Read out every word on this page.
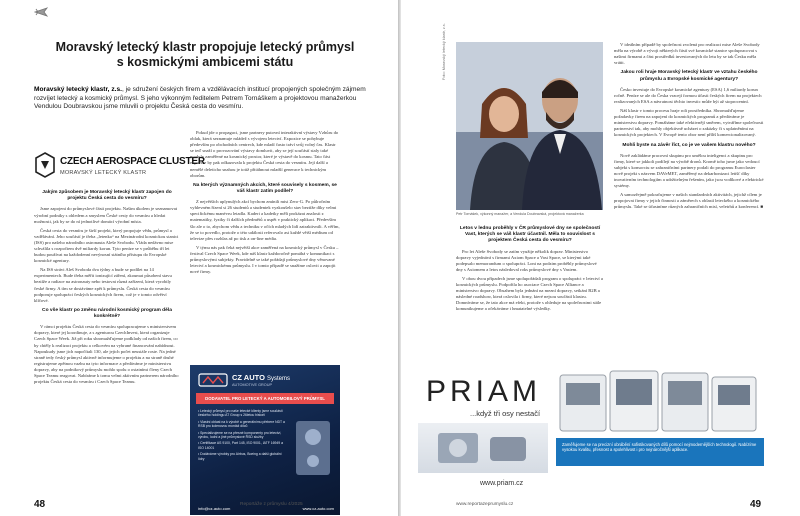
Moravský letecký klastr propojuje letecký průmysl s kosmickými ambicemi státu
Moravský letecký klastr, z.s., je sdružení českých firem a vzdělávacích institucí propojených společným zájmem rozvíjet letecký a kosmický průmysl. S jeho výkonným ředitelem Petrem Tornáškem a projektovou manažerkou Vendulou Doubravskou jsme mluvili o projektu Česká cesta do vesmíru.
CZECH AEROSPACE CLUSTER
MORAVSKÝ LETECKÝ KLASTR

Jakým způsobem je Moravský letecký klastr zapojen do projektu Česká cesta do vesmíru?

Jsme zapojeni do průmyslové části projektu. Našim úkolem je seznamovat výrobní podniky s ohledem a smyslem České cesty do vesmíru a hledat možnosti, jak by se do ní jednotlivé domácí výrobní místa.

Česká cesta do vesmíru je širší projekt, který propojuje vědu, průmysl a vzdělávání. Jeho součástí je třeba „letenka“ na Mezinárodní kosmickou stanici (ISS) pro našeho národního astronauta Aleše Svobodu. Vláda nedávno mise schválila s rozpočtem dvě miliardy korun. Tyto peníze se v průběhu tří let budou používat na každodenní nevýnosní státního přístupu do Evropské kosmické agentury.

Na ISS strávi Aleš Svoboda dva týdny a bude se podílet na 14 experimentech. Bude třeba měřit ionizující záření, zkoumat působení stavu beztíže a radiace na astronauty nebo testovat různá zařízení, která vyrobily české firmy. A tím se dostáváme zpět k průmyslu. Česká cesta do vesmíru podporuje spolupráci českých kosmických firem, což je v tomto odvětví klíčové.

Co vše klastr po změnu národní kosmický program děla konkrétně?

V rámci projektu Česká cesta do vesmíru spolupracujeme s ministerstvem dopravy, které jej koordinuje, a s agenturou CzechInvest, která organizuje Czech Space Week. Již při roku shromažďujeme podklady od našich firem, co by chtěly k realizaci projektu a celkovém na vybrané financování nabídnout. Napoukudy jsme jich napočítali 130, ale jejich počet neustále roste. Na jedné straně tedy český průmysl aktivně informujeme o projektu a na straně druhé registrujeme zpětnou vazbu na tyto informace a předáváme je ministerstvu dopravy, aby na podnikový průmyslu mohlo spolu o ostatními členy Czech Space Teamu reagovat. Nabíráme k tomu velmi aktivním partnerem národního projektu Česká cesta do vesmíru i Czech Space Teamu.

Pokud jde o propagaci, jsme partnery putovní interaktivní výstavy Vzhůru do oblak, která seznamuje mládež s vývojem letectví. Expozice se pohybuje především po obchodních centrech, kde mladí často tráví svůj volný čas. Klastr se teď snaží o provozování výstavy domluvit, aby se její součástí staly také moduly zaměřené na kosmický prostor, které je výstavě do kosmu. Tato část expozice by pak odkazovala k projektu Česká cesta do vesmíru. Její další a nemělé deleticho snahou je totiž přitáhnout mladší generace k technickým oborům.

Na kterých významných akcích, které souvisely s kosmem, se váš klastr zatím podílel?

Z největších uplynulých akcí bychom zmínili misi Zero-G. Po půlročním vyhlevném řízení si 26 studentů a studentek vyzkoušelo stav beztíže díky velmi specifickému manévru letadla. Kaderi a kadetky měli prokázat znalosti z matematiky, fyziky či dalších předmětů a uspět v praktický aplikaci. Především šlo ale o to, abychom vědu a techniku v očích mladých lidí zatraktivnili. A věřím, že se to povedlo, protože o této události referovalo asi každé větší médium od televize přes rozhlas až po tisk a on-line média.

V týmu nás pak čeká největší akce zaměřená na kosmický průmysl v Česku – festival Czech Space Week, kde náš klastr každoročně pomáhá v komunikaci s průmyslovými subjekty. Pravidelně se také pořádají průmyslové dny věnované letectví a kosmickému průmyslu. I v tomto případě se snažíme oslovit a zapojit nové firmy.

CZ AUTO Systems
AUTOMOTIVE GROUP
DODAVATEL PRO LETECKÝ A AUTOMOBILOVÝ PRŮMYSL
• Letecký průmysl pro naše letecké klienty jsme součástí českého holdingu AT Group s 26letou historií
• Vlastní oblast na k výrobě a generálnímu přebere NDT a RSB pro kolenovou montáž dílců
• Specializujeme se na přesné komponenty pro letectví, výrobu, lodní a jiné průmyslové ŘSD služby
• Certifikace AS 9100, Part 145, ISO 9001, IATF 16949 a ISO 14001
• Dodáváme výrobky pro Airbus, Boeing a další globální lídry
info@cz-auto.com	www.cz-auto.com
48	Reportáže z průmyslu 4/2025
Foto: Moravský letecký klastr, z.s.
Petr Tornášek, výkonný manažer, a Vendula Doubravská, projektová manažerka

Letos v lednu proběhly v ČR průmyslové dny se společností Vast, kterých se váš klastr účastnil. Měla to souvislost s projektem Česká cesta do vesmíru?

Pro let Aleše Svobody se zatím využije několik doprav. Ministerstvo dopravy vyjednává s firmami Axiom Space a Vast Space, se kterými také podepsalo memorandum o spolupráci. Loni na podzim proběhly průmyslové dny s Axiomem a letos následoval roks průmyslové dny s Vastem.

V obou dvou případech jsme spolupořádali program o spolupráci v letectví a kosmických průmyslu. Podpořila ho asociace Czech Space Alliance a ministerstvo dopravy. Obsahem byla jednání na mezní dopravy, setkání B2B a následné roadshow, která oslovila i firmy, které nejsou součástí klastru. Domníváme se, že tato akce má efekt, protože s ohleduje na společnostmi stále komunikujeme a očekáváme i hmatatelné výsledky.

V ideálním případě by společnost zvolená pro realizaci mise Aleše Svobody měla na výrobě a vývoji některých částí své kosmické stanice spolupracovat s našimi firmami a část prostředků investovaných do letu by se tak Česku měla vrátit.

Jakou roli hraje Moravský letecký klastr ve vztahu českého průmyslu a Evropské kosmické agentury?

Česko investuje do Evropské kosmické agentury (ESA) 1,6 miliardy korun ročně. Peníze se ale do Česka vracejí formou účasti českých firem na projektech realizovaných ESA a návratnost těchto investic může být až stoprocentní.

Náš klastr v tomto procesu hraje roli prostředníka. Shromažďujeme požadavky firem na zapojení do kosmických programů a předáváme je ministerstvu dopravy. Pomáháme také efektivnějí směrem, vytváříme společnosti partnerství tak, aby mohly objektivně ucházet o zakázky či s uplatněními na kosmických projektech. V Evropě tento obor není příliš komercionalizovaný.

Mohli byste na závěr říct, co je ve vašem klastru nového?

Nově zakládáme pracovní skupinu pro umělou inteligenci a skupinu pro firmy, které se jakkoli podílejí na výrobě dronů. Kromě toho jsme jako vedoucí subjekt s konsorciu se zahraničními partnery podali do programu Euroclaster nově projekt s názvem DAVeMET, zaměřený na dekarbonizaci letišť díky inovativním technologiím a udržitelným řešením, jako jsou vodíkové a elektrické systémy.

A samozřejmě pokračujeme v našich standardních aktivitách, jejichž cílem je propojovat firmy v jejich činnosti a záměrech s oblastí leteckého a kosmického průmyslu. Také se účastníme různých zahraničních misí, veletrhů a konferencí. ■

PRIAM
...když tři osy nestačí
Zaměřujeme se na precizní obrábění sofistikovaných dílů pomocí nejmodernějších technologií. Nabízíme vysokou kvalitu, přesnost a spolehlivost i pro nejnáročnější aplikace.
www.priam.cz
www.reportazeprumyslu.cz	49
